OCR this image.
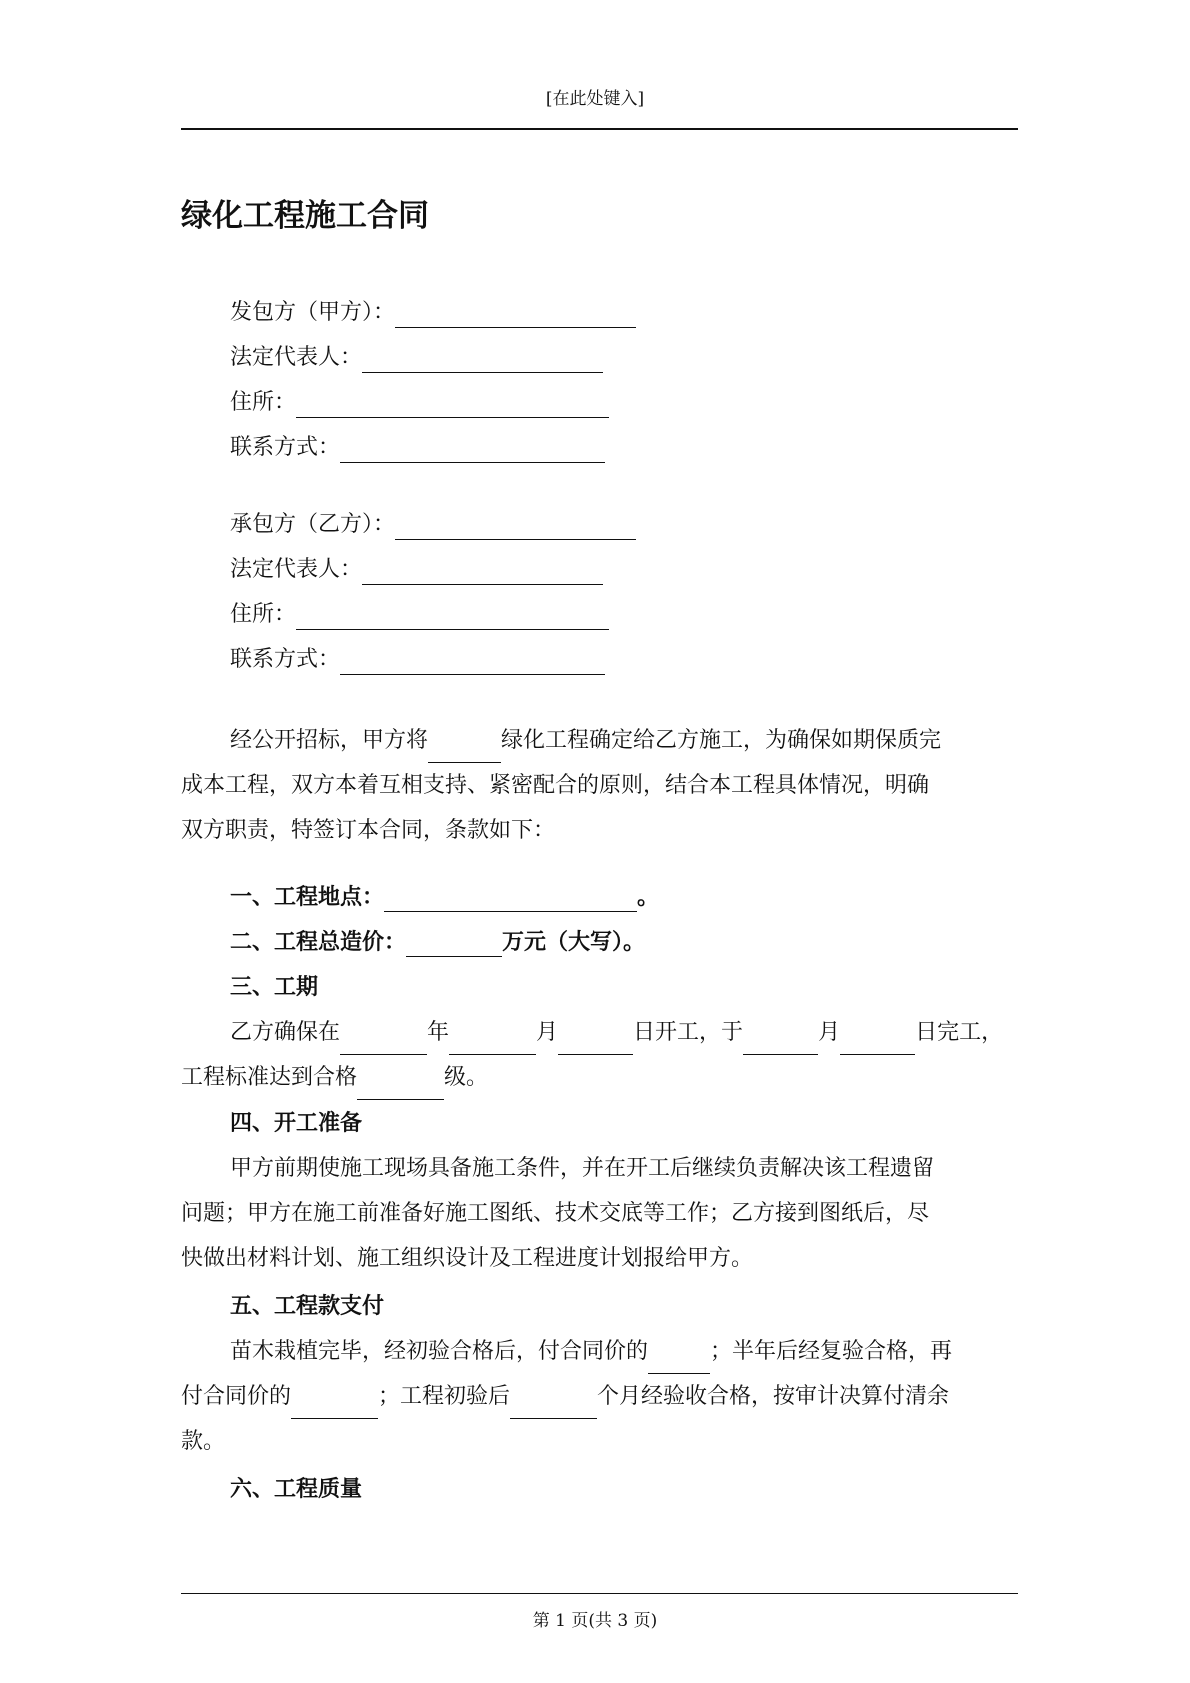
[在此处键入]
绿化工程施工合同
发包方（甲方）：
法定代表人：
住所：
联系方式：
承包方（乙方）：
法定代表人：
住所：
联系方式：

经公开招标，甲方将	绿化工程确定给乙方施工，为确保如期保质完

成本工程，双方本着互相支持、紧密配合的原则，结合本工程具体情况，明确
双方职责，特签订本合同，条款如下：
一、工程地点：	。
二、工程总造价：	万元（大写）。
三、工期

乙方确保在	年	月	日开工，于	月	日完工，

工程标准达到合格	级。
四、开工准备

甲方前期使施工现场具备施工条件，并在开工后继续负责解决该工程遗留

问题；甲方在施工前准备好施工图纸、技术交底等工作；乙方接到图纸后，尽
快做出材料计划、施工组织设计及工程进度计划报给甲方。
五、工程款支付

苗木栽植完毕，经初验合格后，付合同价的	；半年后经复验合格，再

付合同价的	；工程初验后	个月经验收合格，按审计决算付清余
款。
六、工程质量
第 1 页(共 3 页)
